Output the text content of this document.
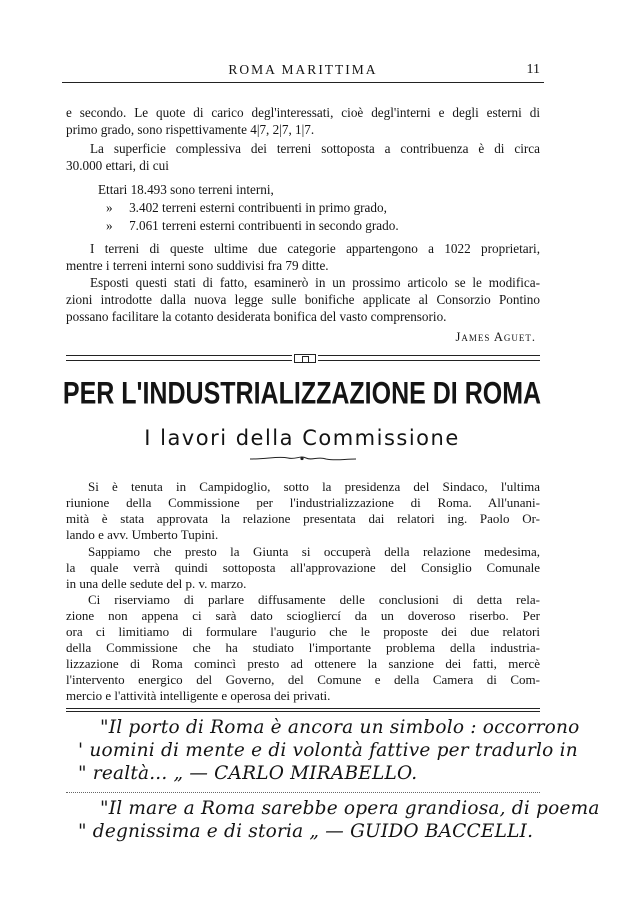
ROMA MARITTIMA	11
e secondo. Le quote di carico degl'interessati, cioè degl'interni e degli esterni di
primo grado, sono rispettivamente 4|7, 2|7, 1|7.
La superficie complessiva dei terreni sottoposta a contribuenza è di circa
30.000 ettari, di cui
Ettari 18.493 sono terreni interni,
»     3.402 terreni esterni contribuenti in primo grado,
»     7.061 terreni esterni contribuenti in secondo grado.
I terreni di queste ultime due categorie appartengono a 1022 proprietari,
mentre i terreni interni sono suddivisi fra 79 ditte.
Esposti questi stati di fatto, esaminerò in un prossimo articolo se le modifica-
zioni introdotte dalla nuova legge sulle bonifiche applicate al Consorzio Pontino
possano facilitare la cotanto desiderata bonifica del vasto comprensorio.
James Aguet.
PER L'INDUSTRIALIZZAZIONE DI ROMA
I lavori della Commissione
Si è tenuta in Campidoglio, sotto la presidenza del Sindaco, l'ultima
riunione della Commissione per l'industrializzazione di Roma. All'unani-
mità è stata approvata la relazione presentata dai relatori ing. Paolo Or-
lando e avv. Umberto Tupini.
Sappiamo che presto la Giunta si occuperà della relazione medesima,
la quale verrà quindi sottoposta all'approvazione del Consiglio Comunale
in una delle sedute del p. v. marzo.
Ci riserviamo di parlare diffusamente delle conclusioni di detta rela-
zione non appena ci sarà dato sciogliercí da un doveroso riserbo. Per
ora ci limitiamo di formulare l'augurio che le proposte dei due relatori
della Commissione che ha studiato l'importante problema della industria-
lizzazione di Roma comincì presto ad ottenere la sanzione dei fatti, mercè
l'intervento energico del Governo, del Comune e della Camera di Com-
mercio e l'attività intelligente e operosa dei privati.
"Il porto di Roma è ancora un simbolo : occorrono
' uomini di mente e di volontà fattive per tradurlo in
" realtà... „ — CARLO MIRABELLO.
"Il mare a Roma sarebbe opera grandiosa, di poema
" degnissima e di storia „ — GUIDO BACCELLI.
